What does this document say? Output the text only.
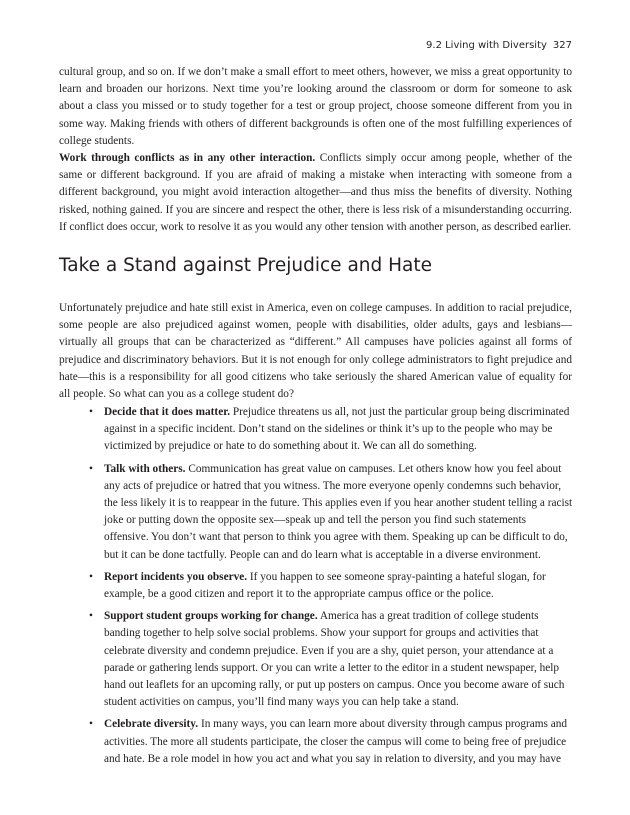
9.2 Living with Diversity 327

cultural group, and so on. If we don’t make a small effort to meet others, however, we miss a great opportunity to learn and broaden our horizons. Next time you’re looking around the classroom or dorm for someone to ask about a class you missed or to study together for a test or group project, choose someone different from you in some way. Making friends with others of different backgrounds is often one of the most fulfilling experiences of college students.

Work through conflicts as in any other interaction. Conflicts simply occur among people, whether of the same or different background. If you are afraid of making a mistake when interacting with someone from a different background, you might avoid interaction altogether—and thus miss the benefits of diversity. Nothing risked, nothing gained. If you are sincere and respect the other, there is less risk of a misunderstanding occurring. If conflict does occur, work to resolve it as you would any other tension with another person, as described earlier.

Take a Stand against Prejudice and Hate

Unfortunately prejudice and hate still exist in America, even on college campuses. In addition to racial prejudice, some people are also prejudiced against women, people with disabilities, older adults, gays and lesbians—virtually all groups that can be characterized as “different.” All campuses have policies against all forms of prejudice and discriminatory behaviors. But it is not enough for only college administrators to fight prejudice and hate—this is a responsibility for all good citizens who take seriously the shared American value of equality for all people. So what can you as a college student do?

• Decide that it does matter. Prejudice threatens us all, not just the particular group being discriminated against in a specific incident. Don’t stand on the sidelines or think it’s up to the people who may be victimized by prejudice or hate to do something about it. We can all do something.
• Talk with others. Communication has great value on campuses. Let others know how you feel about any acts of prejudice or hatred that you witness. The more everyone openly condemns such behavior, the less likely it is to reappear in the future. This applies even if you hear another student telling a racist joke or putting down the opposite sex—speak up and tell the person you find such statements offensive. You don’t want that person to think you agree with them. Speaking up can be difficult to do, but it can be done tactfully. People can and do learn what is acceptable in a diverse environment.
• Report incidents you observe. If you happen to see someone spray-painting a hateful slogan, for example, be a good citizen and report it to the appropriate campus office or the police.
• Support student groups working for change. America has a great tradition of college students banding together to help solve social problems. Show your support for groups and activities that celebrate diversity and condemn prejudice. Even if you are a shy, quiet person, your attendance at a parade or gathering lends support. Or you can write a letter to the editor in a student newspaper, help hand out leaflets for an upcoming rally, or put up posters on campus. Once you become aware of such student activities on campus, you’ll find many ways you can help take a stand.
• Celebrate diversity. In many ways, you can learn more about diversity through campus programs and activities. The more all students participate, the closer the campus will come to being free of prejudice and hate. Be a role model in how you act and what you say in relation to diversity, and you may have
